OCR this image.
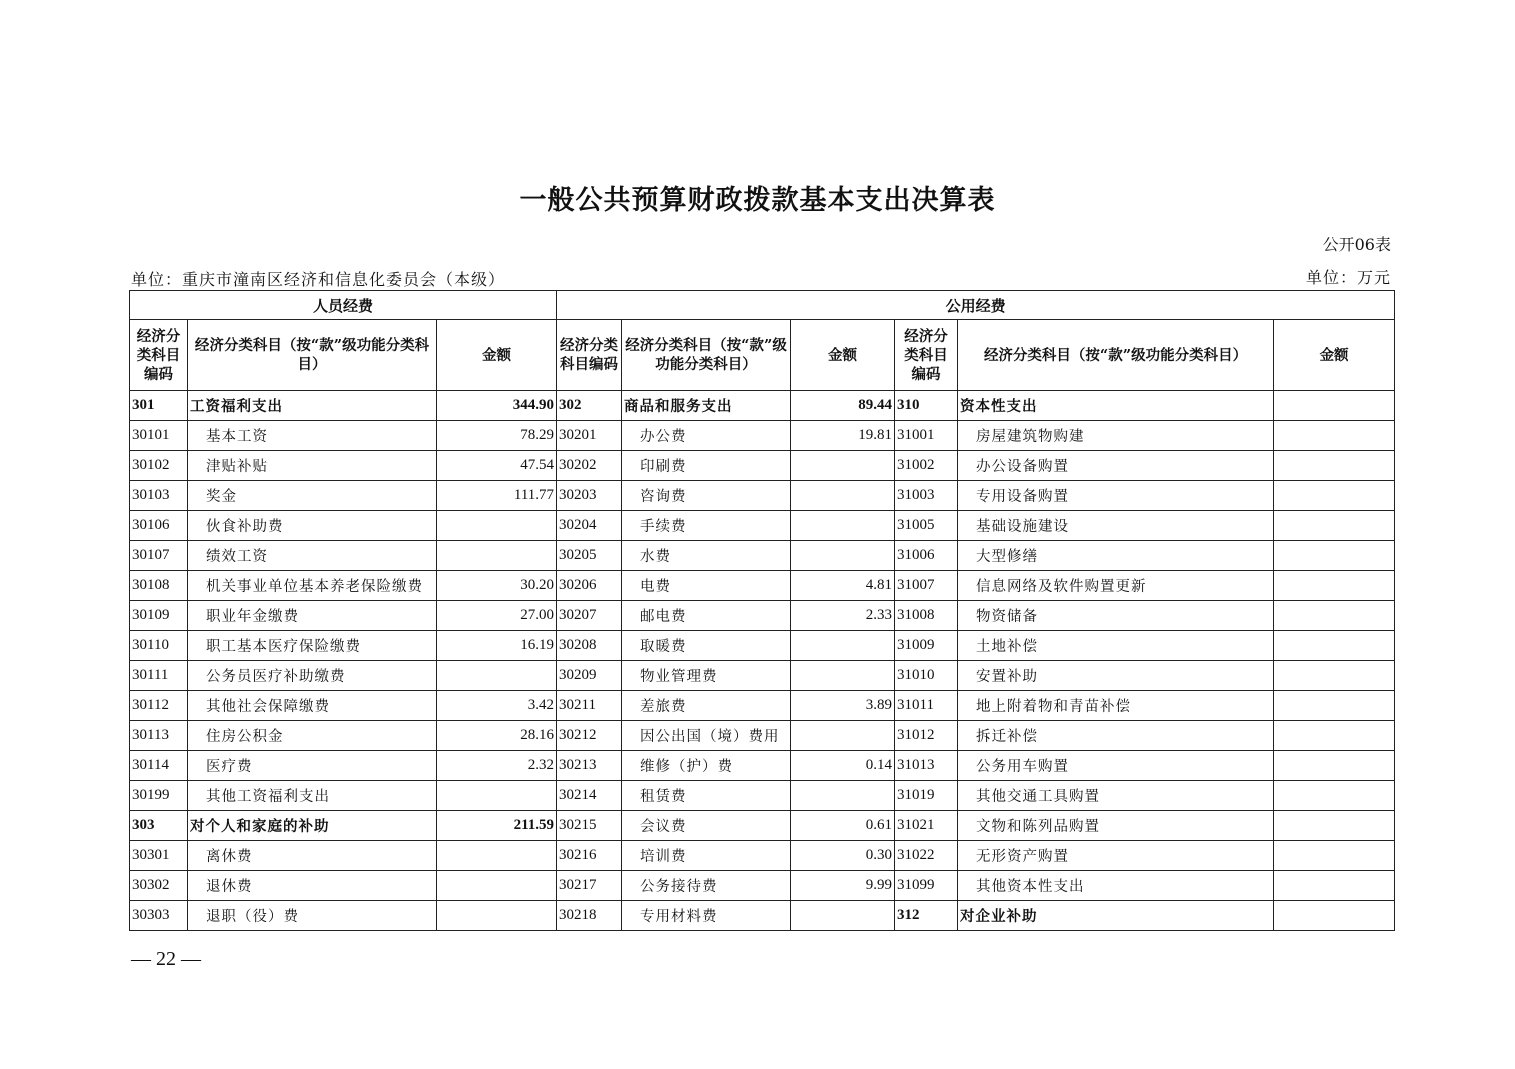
一般公共预算财政拨款基本支出决算表
公开06表
单位：重庆市潼南区经济和信息化委员会（本级）	单位：万元
人员经费			公用经费					
经济分类科目编码	经济分类科目（按“款”级功能分类科目）	金额	经济分类科目编码	经济分类科目（按“款”级功能分类科目）	金额	经济分类科目编码	经济分类科目（按“款”级功能分类科目）	金额
301	工资福利支出	344.90	302	商品和服务支出	89.44	310	资本性支出	
30101	基本工资	78.29	30201	办公费	19.81	31001	房屋建筑物购建	
30102	津贴补贴	47.54	30202	印刷费		31002	办公设备购置	
30103	奖金	111.77	30203	咨询费		31003	专用设备购置	
30106	伙食补助费		30204	手续费		31005	基础设施建设	
30107	绩效工资		30205	水费		31006	大型修缮	
30108	机关事业单位基本养老保险缴费	30.20	30206	电费	4.81	31007	信息网络及软件购置更新	
30109	职业年金缴费	27.00	30207	邮电费	2.33	31008	物资储备	
30110	职工基本医疗保险缴费	16.19	30208	取暖费		31009	土地补偿	
30111	公务员医疗补助缴费		30209	物业管理费		31010	安置补助	
30112	其他社会保障缴费	3.42	30211	差旅费	3.89	31011	地上附着物和青苗补偿	
30113	住房公积金	28.16	30212	因公出国（境）费用		31012	拆迁补偿	
30114	医疗费	2.32	30213	维修（护）费	0.14	31013	公务用车购置	
30199	其他工资福利支出		30214	租赁费		31019	其他交通工具购置	
303	对个人和家庭的补助	211.59	30215	会议费	0.61	31021	文物和陈列品购置	
30301	离休费		30216	培训费	0.30	31022	无形资产购置	
30302	退休费		30217	公务接待费	9.99	31099	其他资本性支出	
30303	退职（役）费		30218	专用材料费		312	对企业补助	
— 22 —
